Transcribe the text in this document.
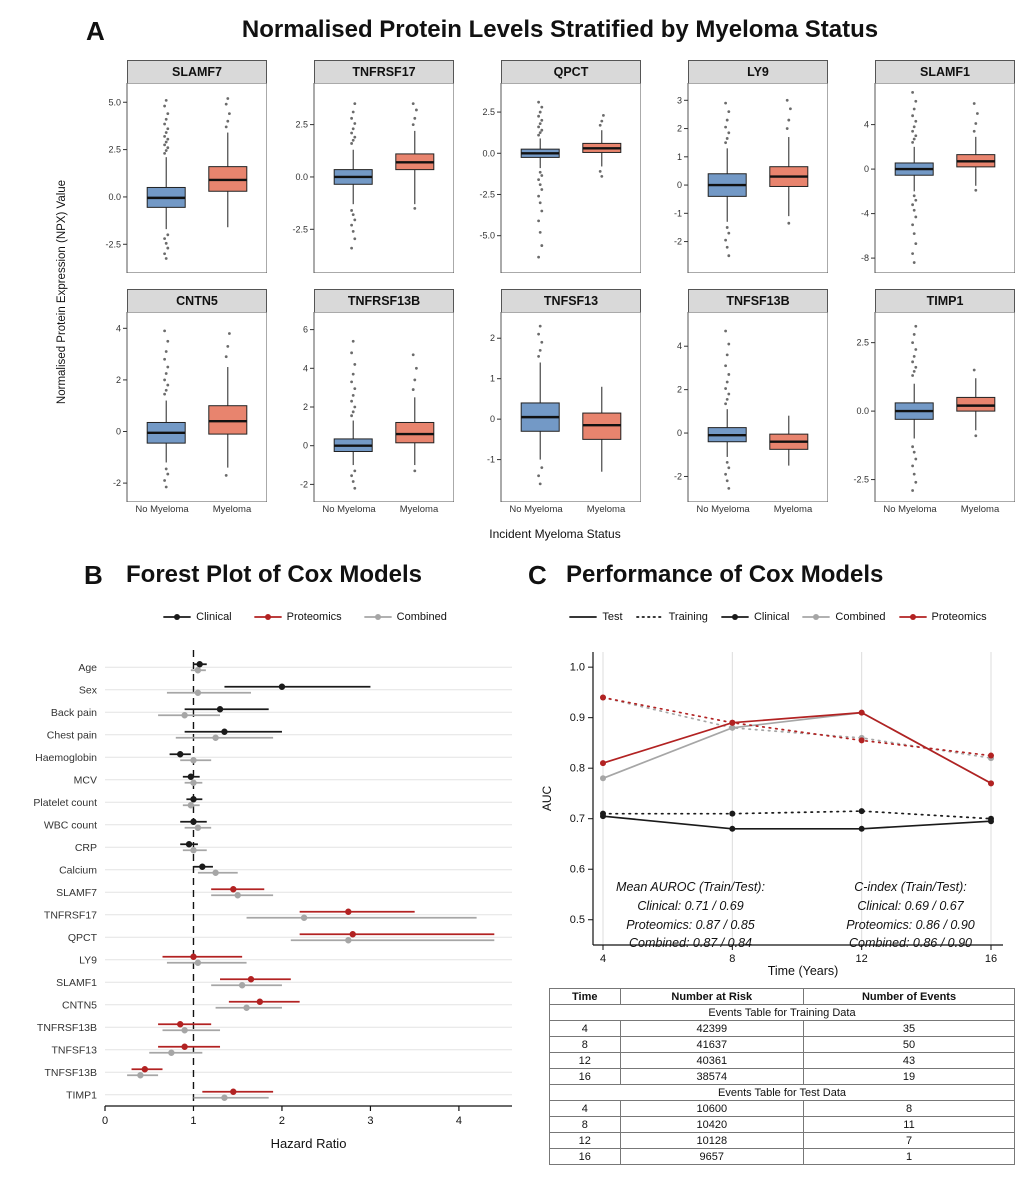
A	Normalised Protein Levels Stratified by Myeloma Status
Normalised Protein Expression (NPX) Value
SLAMF7
5.0
2.5
0.0
-2.5
TNFRSF17
2.5
0.0
-2.5
QPCT
2.5
0.0
-2.5
-5.0
LY9
3
2
1
0
-1
-2
SLAMF1
4
0
-4
-8
CNTN5
4
2
0
-2
No Myeloma	Myeloma
TNFRSF13B
6
4
2
0
-2
No Myeloma	Myeloma
TNFSF13
2
1
0
-1
No Myeloma	Myeloma
TNFSF13B
4
2
0
-2
No Myeloma	Myeloma
TIMP1
2.5
0.0
-2.5
No Myeloma	Myeloma
Incident Myeloma Status
B Forest Plot of Cox Models
Clinical	Proteomics	Combined
Age
Sex
Back pain
Chest pain
Haemoglobin
MCV
Platelet count
WBC count
CRP
Calcium
SLAMF7
TNFRSF17
QPCT
LY9
SLAMF1
CNTN5
TNFRSF13B
TNFSF13
TNFSF13B
TIMP1
0	1	2	3	4
Hazard Ratio
C Performance of Cox Models
Test	Training	Clinical	Combined	Proteomics
1.0
0.9
0.8
0.7
0.6
0.5
4	8	12	16
AUC
Mean AUROC (Train/Test):
Clinical: 0.71 / 0.69
Proteomics: 0.87 / 0.85
Combined: 0.87 / 0.84
C-index (Train/Test):
Clinical: 0.69 / 0.67
Proteomics: 0.86 / 0.90
Combined: 0.86 / 0.90
Time (Years)
Time	Number at Risk	Number of Events
Events Table for Training Data		
4	42399	35
8	41637	50
12	40361	43
16	38574	19
Events Table for Test Data		
4	10600	8
8	10420	11
12	10128	7
16	9657	1
